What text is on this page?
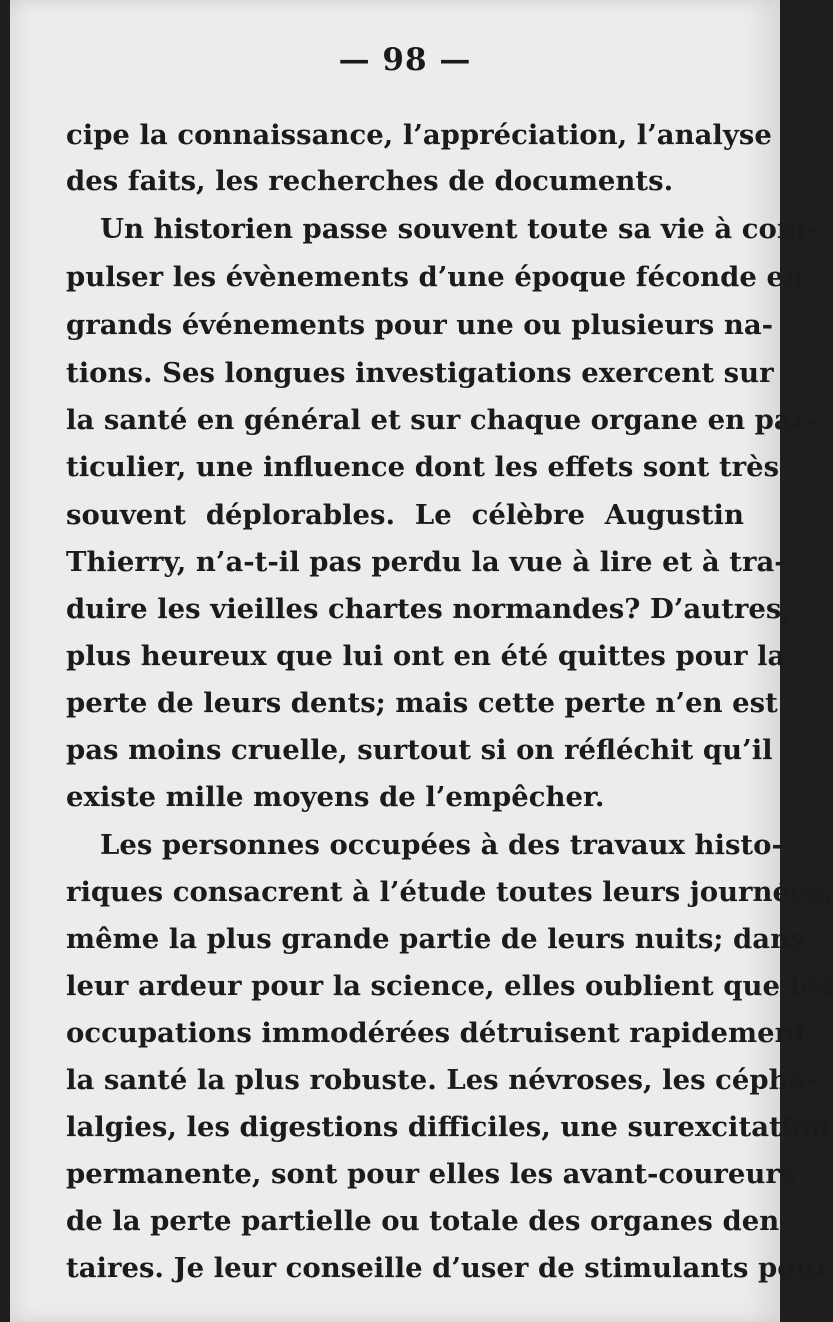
— 98 —
cipe la connaissance, l’appréciation, l’analyse
des faits, les recherches de documents.
Un historien passe souvent toute sa vie à com-
pulser les évènements d’une époque féconde en
grands événements pour une ou plusieurs na-
tions. Ses longues investigations exercent sur
la santé en général et sur chaque organe en par-
ticulier, une influence dont les effets sont très
souvent déplorables. Le célèbre Augustin
Thierry, n’a-t-il pas perdu la vue à lire et à tra-
duire les vieilles chartes normandes? D’autres,
plus heureux que lui ont en été quittes pour la
perte de leurs dents; mais cette perte n’en est
pas moins cruelle, surtout si on réfléchit qu’il
existe mille moyens de l’empêcher.
Les personnes occupées à des travaux histo-
riques consacrent à l’étude toutes leurs journées,
même la plus grande partie de leurs nuits; dans
leur ardeur pour la science, elles oublient que les
occupations immodérées détruisent rapidement
la santé la plus robuste. Les névroses, les cépha-
lalgies, les digestions difficiles, une surexcitation
permanente, sont pour elles les avant-coureurs
de la perte partielle ou totale des organes den-
taires. Je leur conseille d’user de stimulants pour
